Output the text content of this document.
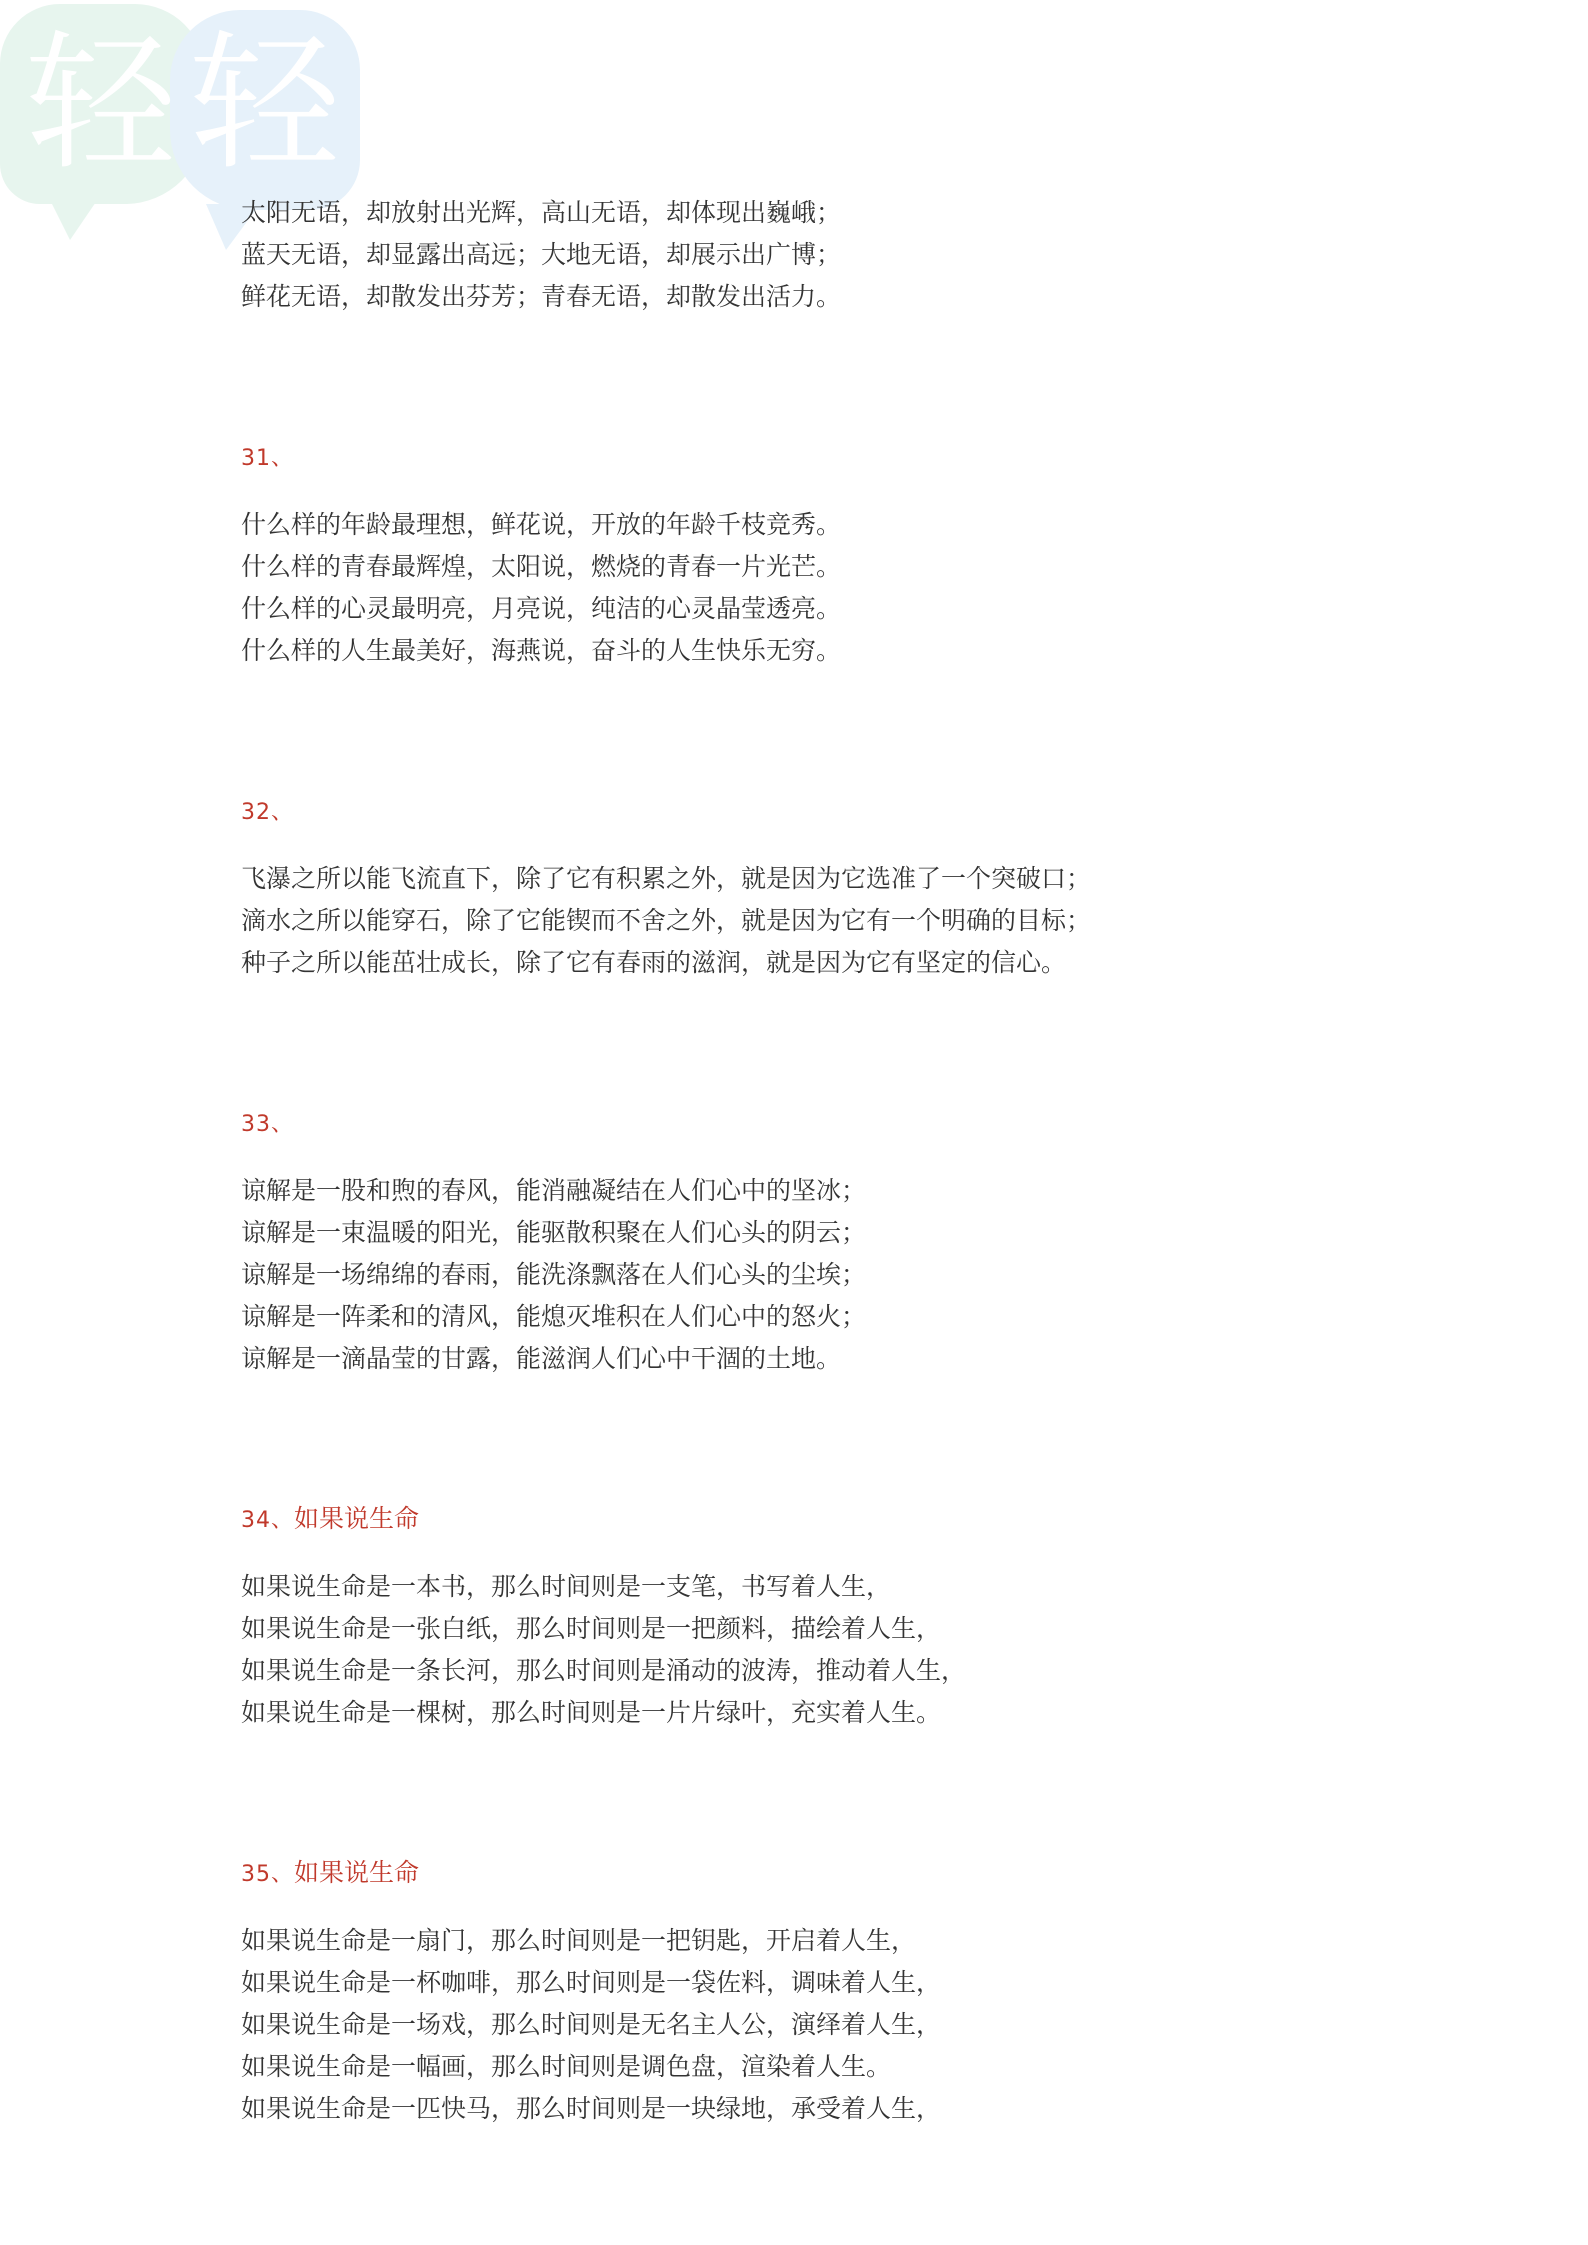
轻 轻

太阳无语，却放射出光辉，高山无语，却体现出巍峨；

蓝天无语，却显露出高远；大地无语，却展示出广博；

鲜花无语，却散发出芬芳；青春无语，却散发出活力。

31、

什么样的年龄最理想，鲜花说，开放的年龄千枝竞秀。

什么样的青春最辉煌，太阳说，燃烧的青春一片光芒。

什么样的心灵最明亮，月亮说，纯洁的心灵晶莹透亮。

什么样的人生最美好，海燕说，奋斗的人生快乐无穷。

32、

飞瀑之所以能飞流直下，除了它有积累之外，就是因为它选准了一个突破口；

滴水之所以能穿石，除了它能锲而不舍之外，就是因为它有一个明确的目标；

种子之所以能茁壮成长，除了它有春雨的滋润，就是因为它有坚定的信心。

33、

谅解是一股和煦的春风，能消融凝结在人们心中的坚冰；

谅解是一束温暖的阳光，能驱散积聚在人们心头的阴云；

谅解是一场绵绵的春雨，能洗涤飘落在人们心头的尘埃；

谅解是一阵柔和的清风，能熄灭堆积在人们心中的怒火；

谅解是一滴晶莹的甘露，能滋润人们心中干涸的土地。

34、如果说生命

如果说生命是一本书，那么时间则是一支笔，书写着人生，

如果说生命是一张白纸，那么时间则是一把颜料，描绘着人生，

如果说生命是一条长河，那么时间则是涌动的波涛，推动着人生，

如果说生命是一棵树，那么时间则是一片片绿叶，充实着人生。

35、如果说生命

如果说生命是一扇门，那么时间则是一把钥匙，开启着人生，

如果说生命是一杯咖啡，那么时间则是一袋佐料，调味着人生，

如果说生命是一场戏，那么时间则是无名主人公，演绎着人生，

如果说生命是一幅画，那么时间则是调色盘，渲染着人生。

如果说生命是一匹快马，那么时间则是一块绿地，承受着人生，
